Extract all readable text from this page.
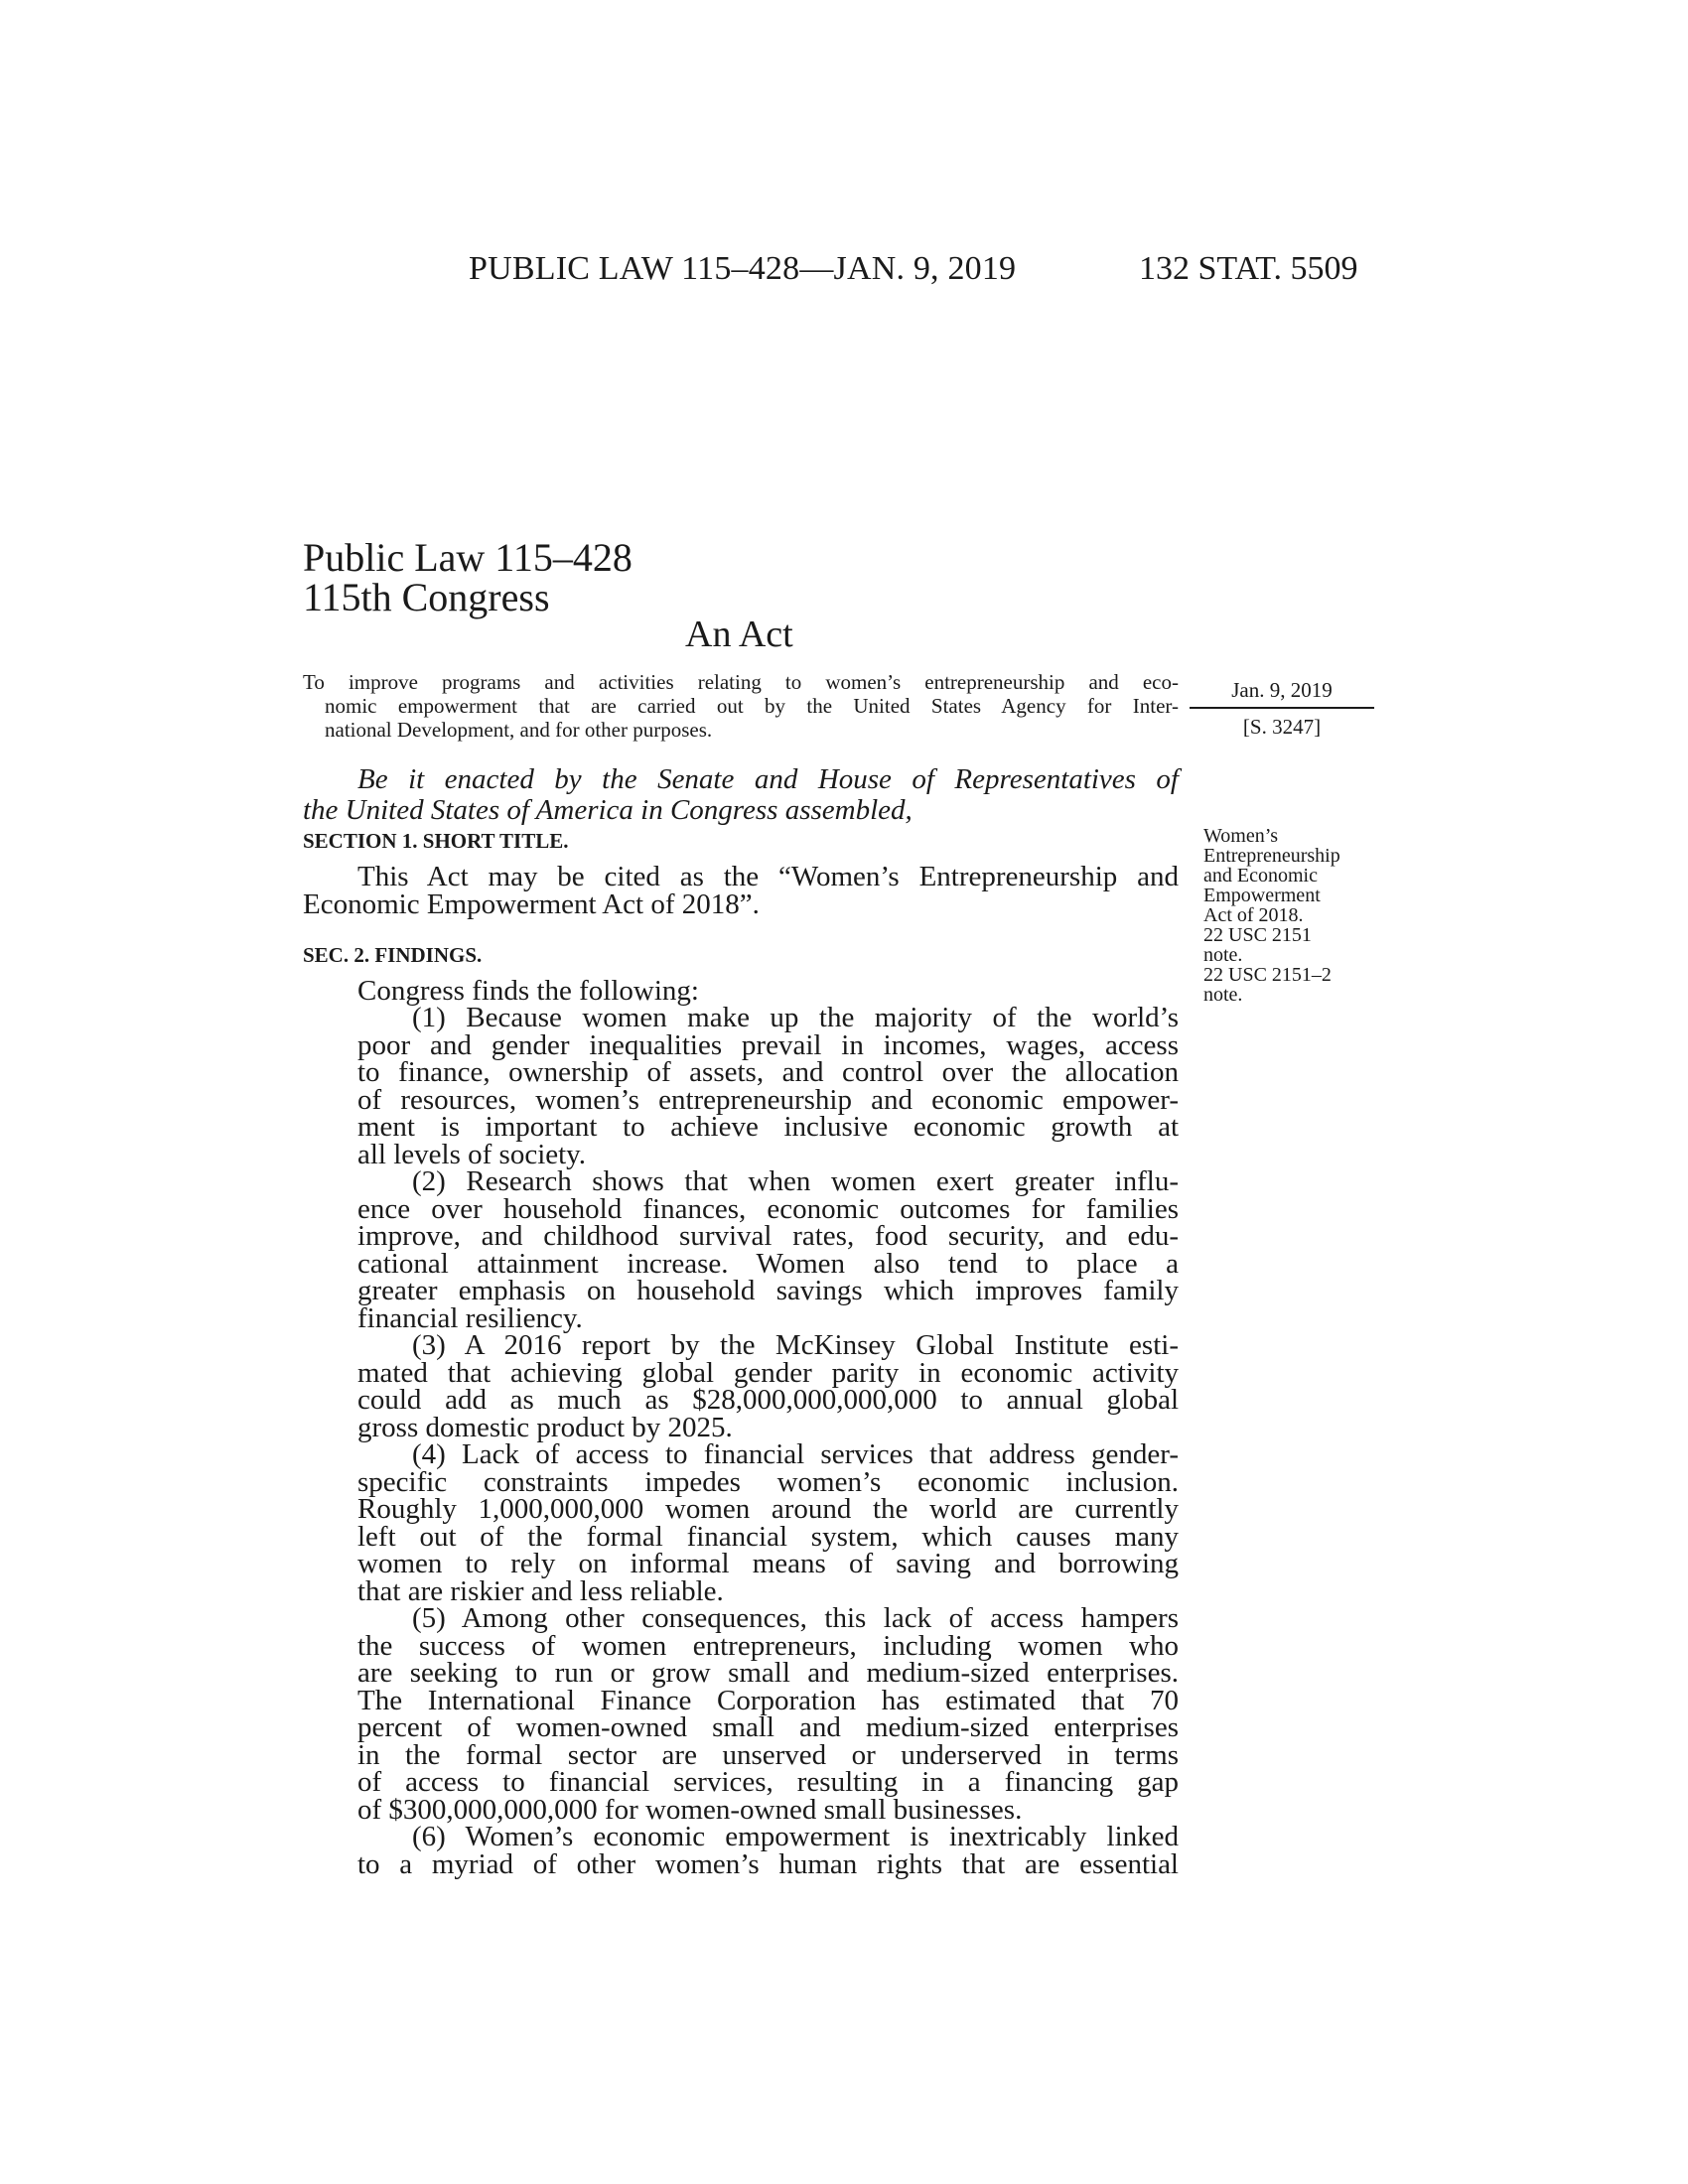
PUBLIC LAW 115–428—JAN. 9, 2019	132 STAT. 5509
Public Law 115–428
115th Congress
An Act
To improve programs and activities relating to women’s entrepreneurship and eco-
nomic empowerment that are carried out by the United States Agency for Inter-
national Development, and for other purposes.
Jan. 9, 2019
[S. 3247]
Be it enacted by the Senate and House of Representatives of
the United States of America in Congress assembled,
Women’s
Entrepreneurship
and Economic
Empowerment
Act of 2018.
22 USC 2151
note.
22 USC 2151–2
note.
SECTION 1. SHORT TITLE.
This Act may be cited as the “Women’s Entrepreneurship and
Economic Empowerment Act of 2018”.
SEC. 2. FINDINGS.
Congress finds the following:
(1) Because women make up the majority of the world’s
poor and gender inequalities prevail in incomes, wages, access
to finance, ownership of assets, and control over the allocation
of resources, women’s entrepreneurship and economic empower-
ment is important to achieve inclusive economic growth at
all levels of society.
(2) Research shows that when women exert greater influ-
ence over household finances, economic outcomes for families
improve, and childhood survival rates, food security, and edu-
cational attainment increase. Women also tend to place a
greater emphasis on household savings which improves family
financial resiliency.
(3) A 2016 report by the McKinsey Global Institute esti-
mated that achieving global gender parity in economic activity
could add as much as $28,000,000,000,000 to annual global
gross domestic product by 2025.
(4) Lack of access to financial services that address gender-
specific constraints impedes women’s economic inclusion.
Roughly 1,000,000,000 women around the world are currently
left out of the formal financial system, which causes many
women to rely on informal means of saving and borrowing
that are riskier and less reliable.
(5) Among other consequences, this lack of access hampers
the success of women entrepreneurs, including women who
are seeking to run or grow small and medium-sized enterprises.
The International Finance Corporation has estimated that 70
percent of women-owned small and medium-sized enterprises
in the formal sector are unserved or underserved in terms
of access to financial services, resulting in a financing gap
of $300,000,000,000 for women-owned small businesses.
(6) Women’s economic empowerment is inextricably linked
to a myriad of other women’s human rights that are essential
